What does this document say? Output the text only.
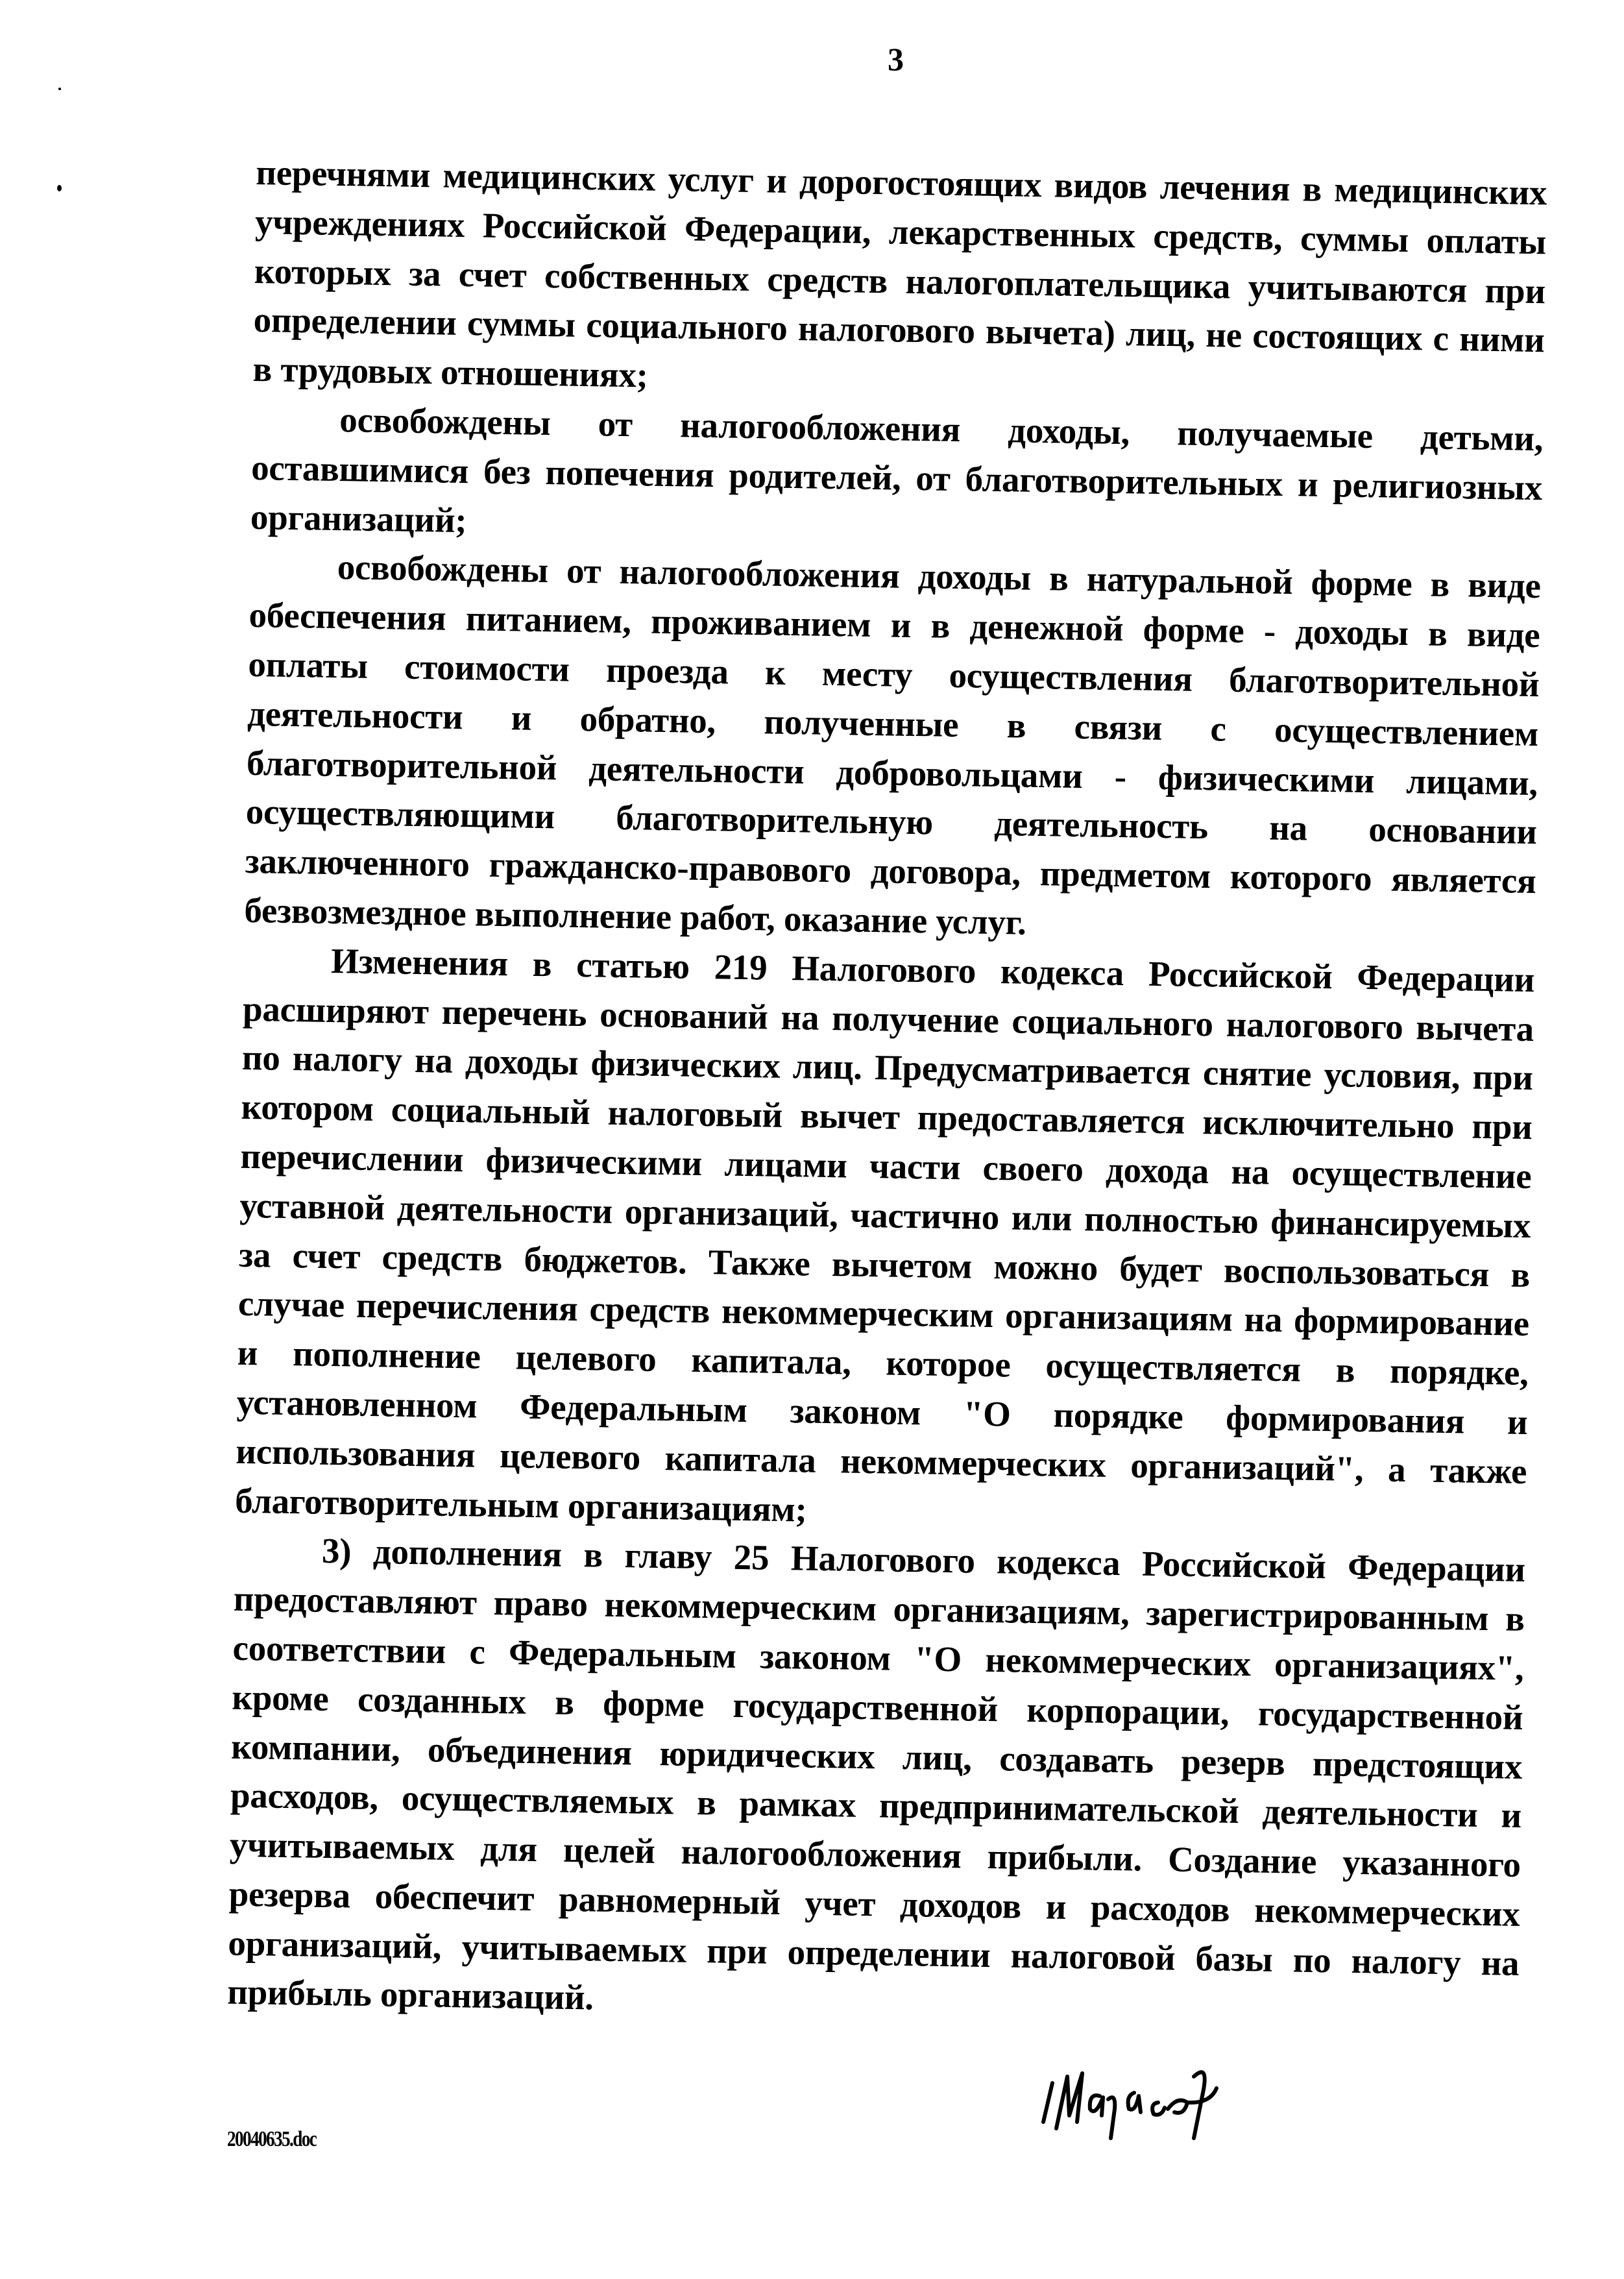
3
перечнями медицинских услуг и дорогостоящих видов лечения в медицинских
учреждениях Российской Федерации, лекарственных средств, суммы оплаты
которых за счет собственных средств налогоплательщика учитываются при
определении суммы социального налогового вычета) лиц, не состоящих с ними
в трудовых отношениях;
освобождены от налогообложения доходы, получаемые детьми,
оставшимися без попечения родителей, от благотворительных и религиозных
организаций;
освобождены от налогообложения доходы в натуральной форме в виде
обеспечения питанием, проживанием и в денежной форме - доходы в виде
оплаты стоимости проезда к месту осуществления благотворительной
деятельности и обратно, полученные в связи с осуществлением
благотворительной деятельности добровольцами - физическими лицами,
осуществляющими благотворительную деятельность на основании
заключенного гражданско-правового договора, предметом которого является
безвозмездное выполнение работ, оказание услуг.
Изменения в статью 219 Налогового кодекса Российской Федерации
расширяют перечень оснований на получение социального налогового вычета
по налогу на доходы физических лиц. Предусматривается снятие условия, при
котором социальный налоговый вычет предоставляется исключительно при
перечислении физическими лицами части своего дохода на осуществление
уставной деятельности организаций, частично или полностью финансируемых
за счет средств бюджетов. Также вычетом можно будет воспользоваться в
случае перечисления средств некоммерческим организациям на формирование
и пополнение целевого капитала, которое осуществляется в порядке,
установленном Федеральным законом "О порядке формирования и
использования целевого капитала некоммерческих организаций", а также
благотворительным организациям;
3) дополнения в главу 25 Налогового кодекса Российской Федерации
предоставляют право некоммерческим организациям, зарегистрированным в
соответствии с Федеральным законом "О некоммерческих организациях",
кроме созданных в форме государственной корпорации, государственной
компании, объединения юридических лиц, создавать резерв предстоящих
расходов, осуществляемых в рамках предпринимательской деятельности и
учитываемых для целей налогообложения прибыли. Создание указанного
резерва обеспечит равномерный учет доходов и расходов некоммерческих
организаций, учитываемых при определении налоговой базы по налогу на
прибыль организаций.
20040635.doc
